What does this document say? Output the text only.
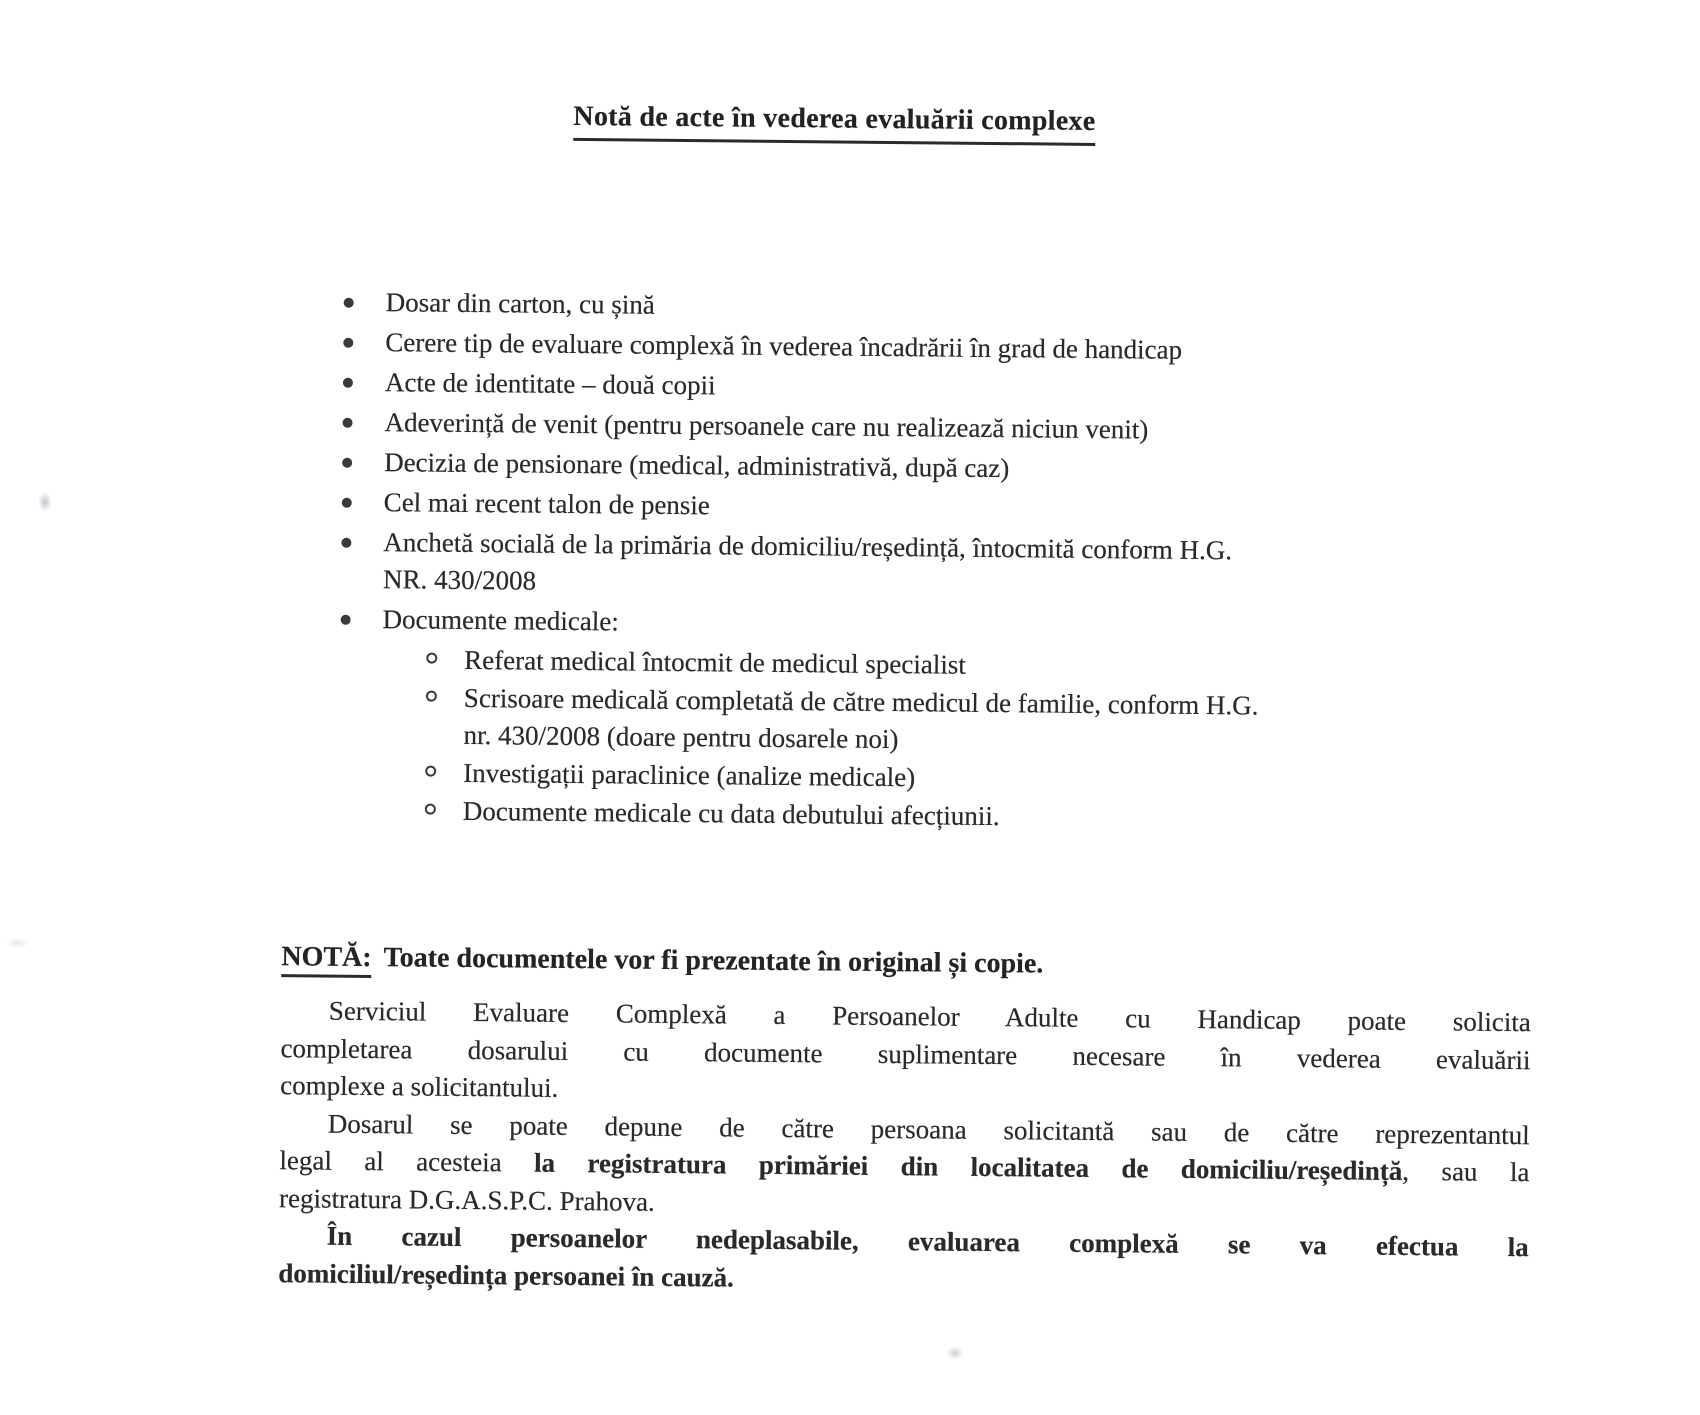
Notă de acte în vederea evaluării complexe
Dosar din carton, cu șină
Cerere tip de evaluare complexă în vederea încadrării în grad de handicap
Acte de identitate – două copii
Adeverință de venit (pentru persoanele care nu realizează niciun venit)
Decizia de pensionare (medical, administrativă, după caz)
Cel mai recent talon de pensie
Anchetă socială de la primăria de domiciliu/reședință, întocmită conform H.G.
NR. 430/2008
Documente medicale:
Referat medical întocmit de medicul specialist
Scrisoare medicală completată de către medicul de familie, conform H.G.
nr. 430/2008 (doare pentru dosarele noi)
Investigații paraclinice (analize medicale)
Documente medicale cu data debutului afecțiunii.

NOTĂ: Toate documentele vor fi prezentate în original și copie.

Serviciul Evaluare Complexă a Persoanelor Adulte cu Handicap poate solicita
completarea dosarului cu documente suplimentare necesare în vederea evaluării
complexe a solicitantului.
Dosarul se poate depune de către persoana solicitantă sau de către reprezentantul
legal al acesteia la registratura primăriei din localitatea de domiciliu/reședință, sau la
registratura D.G.A.S.P.C. Prahova.
În cazul persoanelor nedeplasabile, evaluarea complexă se va efectua la
domiciliul/reședința persoanei în cauză.
